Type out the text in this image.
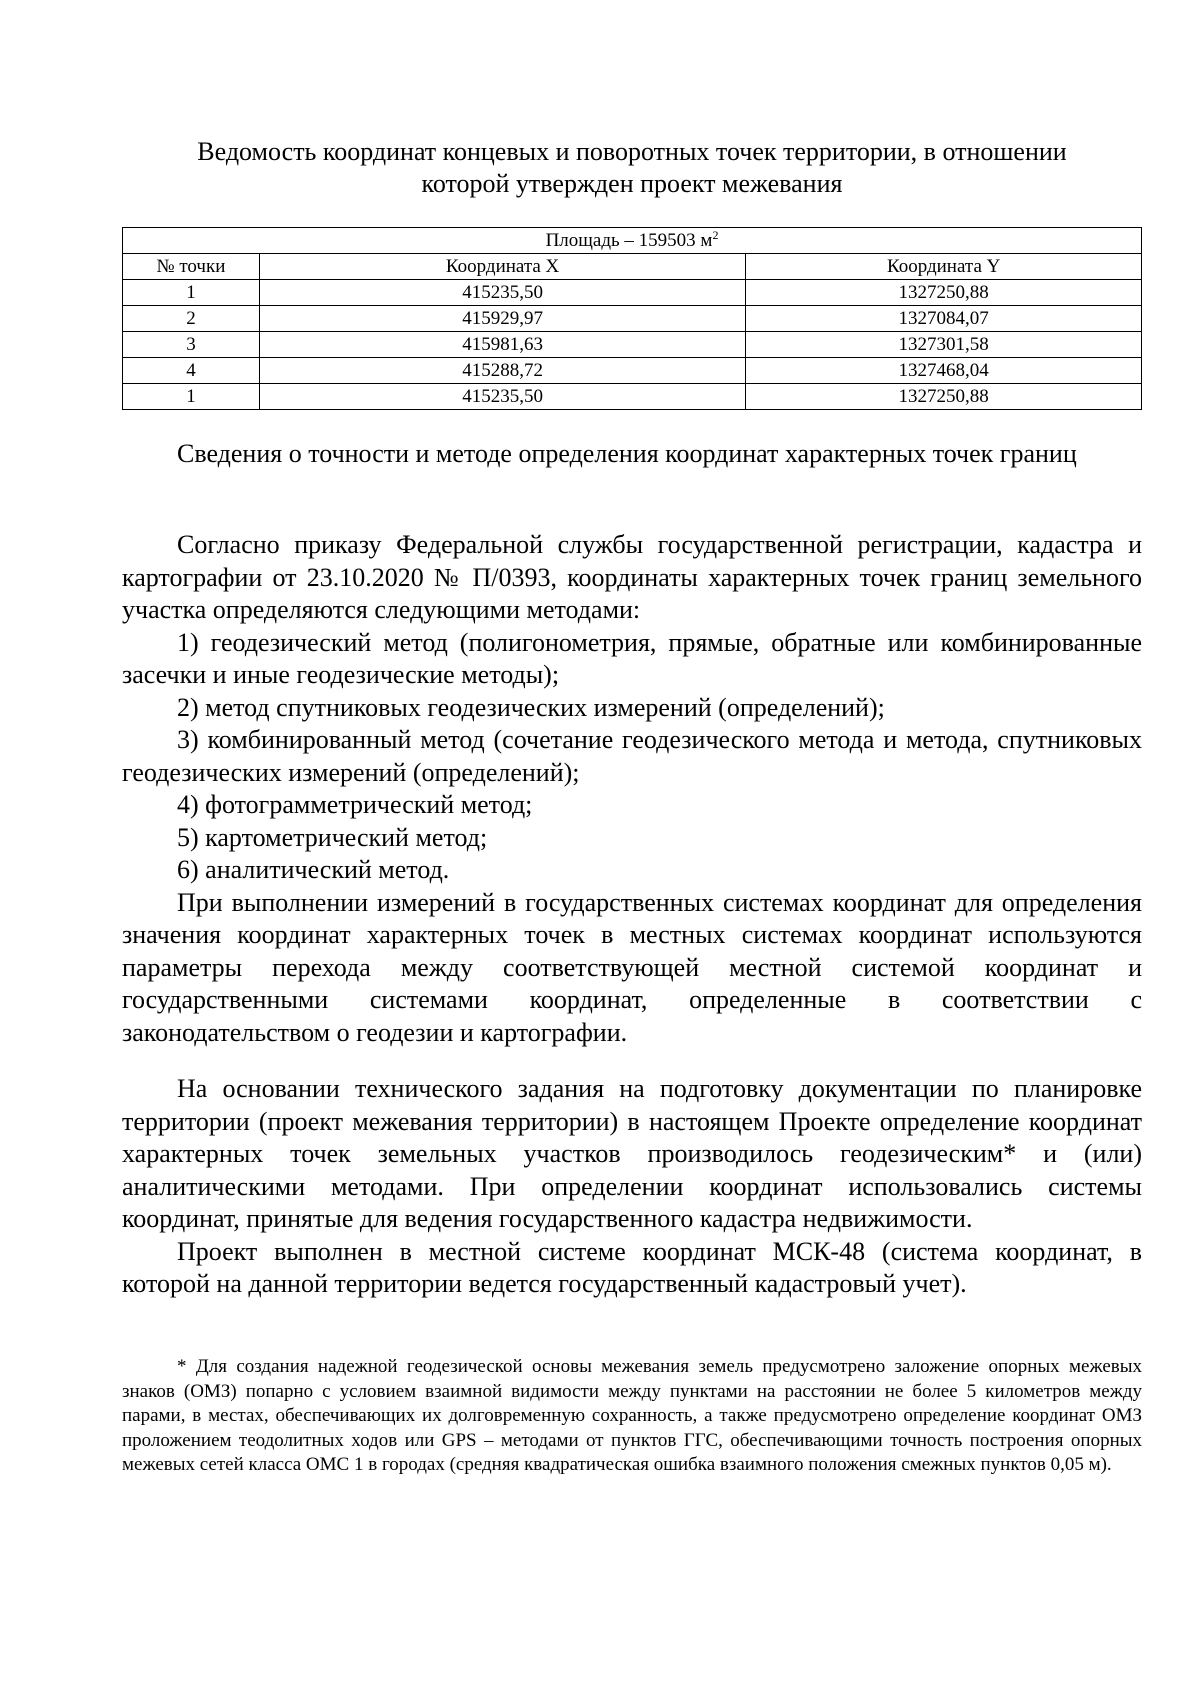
Ведомость координат концевых и поворотных точек территории, в отношении
которой утвержден проект межевания
Площадь – 159503 $м^2$
№ точки	Координата X	Координата Y
1	415235,50	1327250,88
2	415929,97	1327084,07
3	415981,63	1327301,58
4	415288,72	1327468,04
1	415235,50	1327250,88

Сведения о точности и методе определения координат характерных точек границ

Согласно приказу Федеральной службы государственной регистрации, кадастра и картографии от 23.10.2020 № П/0393, координаты характерных точек границ земельного участка определяются следующими методами:

1) геодезический метод (полигонометрия, прямые, обратные или комбинированные засечки и иные геодезические методы);

2) метод спутниковых геодезических измерений (определений);

3) комбинированный метод (сочетание геодезического метода и метода, спутниковых геодезических измерений (определений);

4) фотограмметрический метод;

5) картометрический метод;

6) аналитический метод.

При выполнении измерений в государственных системах координат для определения значения координат характерных точек в местных системах координат используются параметры перехода между соответствующей местной системой координат и государственными системами координат, определенные в соответствии с законодательством о геодезии и картографии.

На основании технического задания на подготовку документации по планировке территории (проект межевания территории) в настоящем Проекте определение координат характерных точек земельных участков производилось геодезическим* и (или) аналитическими методами. При определении координат использовались системы координат, принятые для ведения государственного кадастра недвижимости.

Проект выполнен в местной системе координат МСК-48 (система координат, в которой на данной территории ведется государственный кадастровый учет).

* Для создания надежной геодезической основы межевания земель предусмотрено заложение опорных межевых знаков (ОМЗ) попарно с условием взаимной видимости между пунктами на расстоянии не более 5 километров между парами, в местах, обеспечивающих их долговременную сохранность, а также предусмотрено определение координат ОМЗ проложением теодолитных ходов или GPS – методами от пунктов ГГС, обеспечивающими точность построения опорных межевых сетей класса ОМС 1 в городах (средняя квадратическая ошибка взаимного положения смежных пунктов 0,05 м).
